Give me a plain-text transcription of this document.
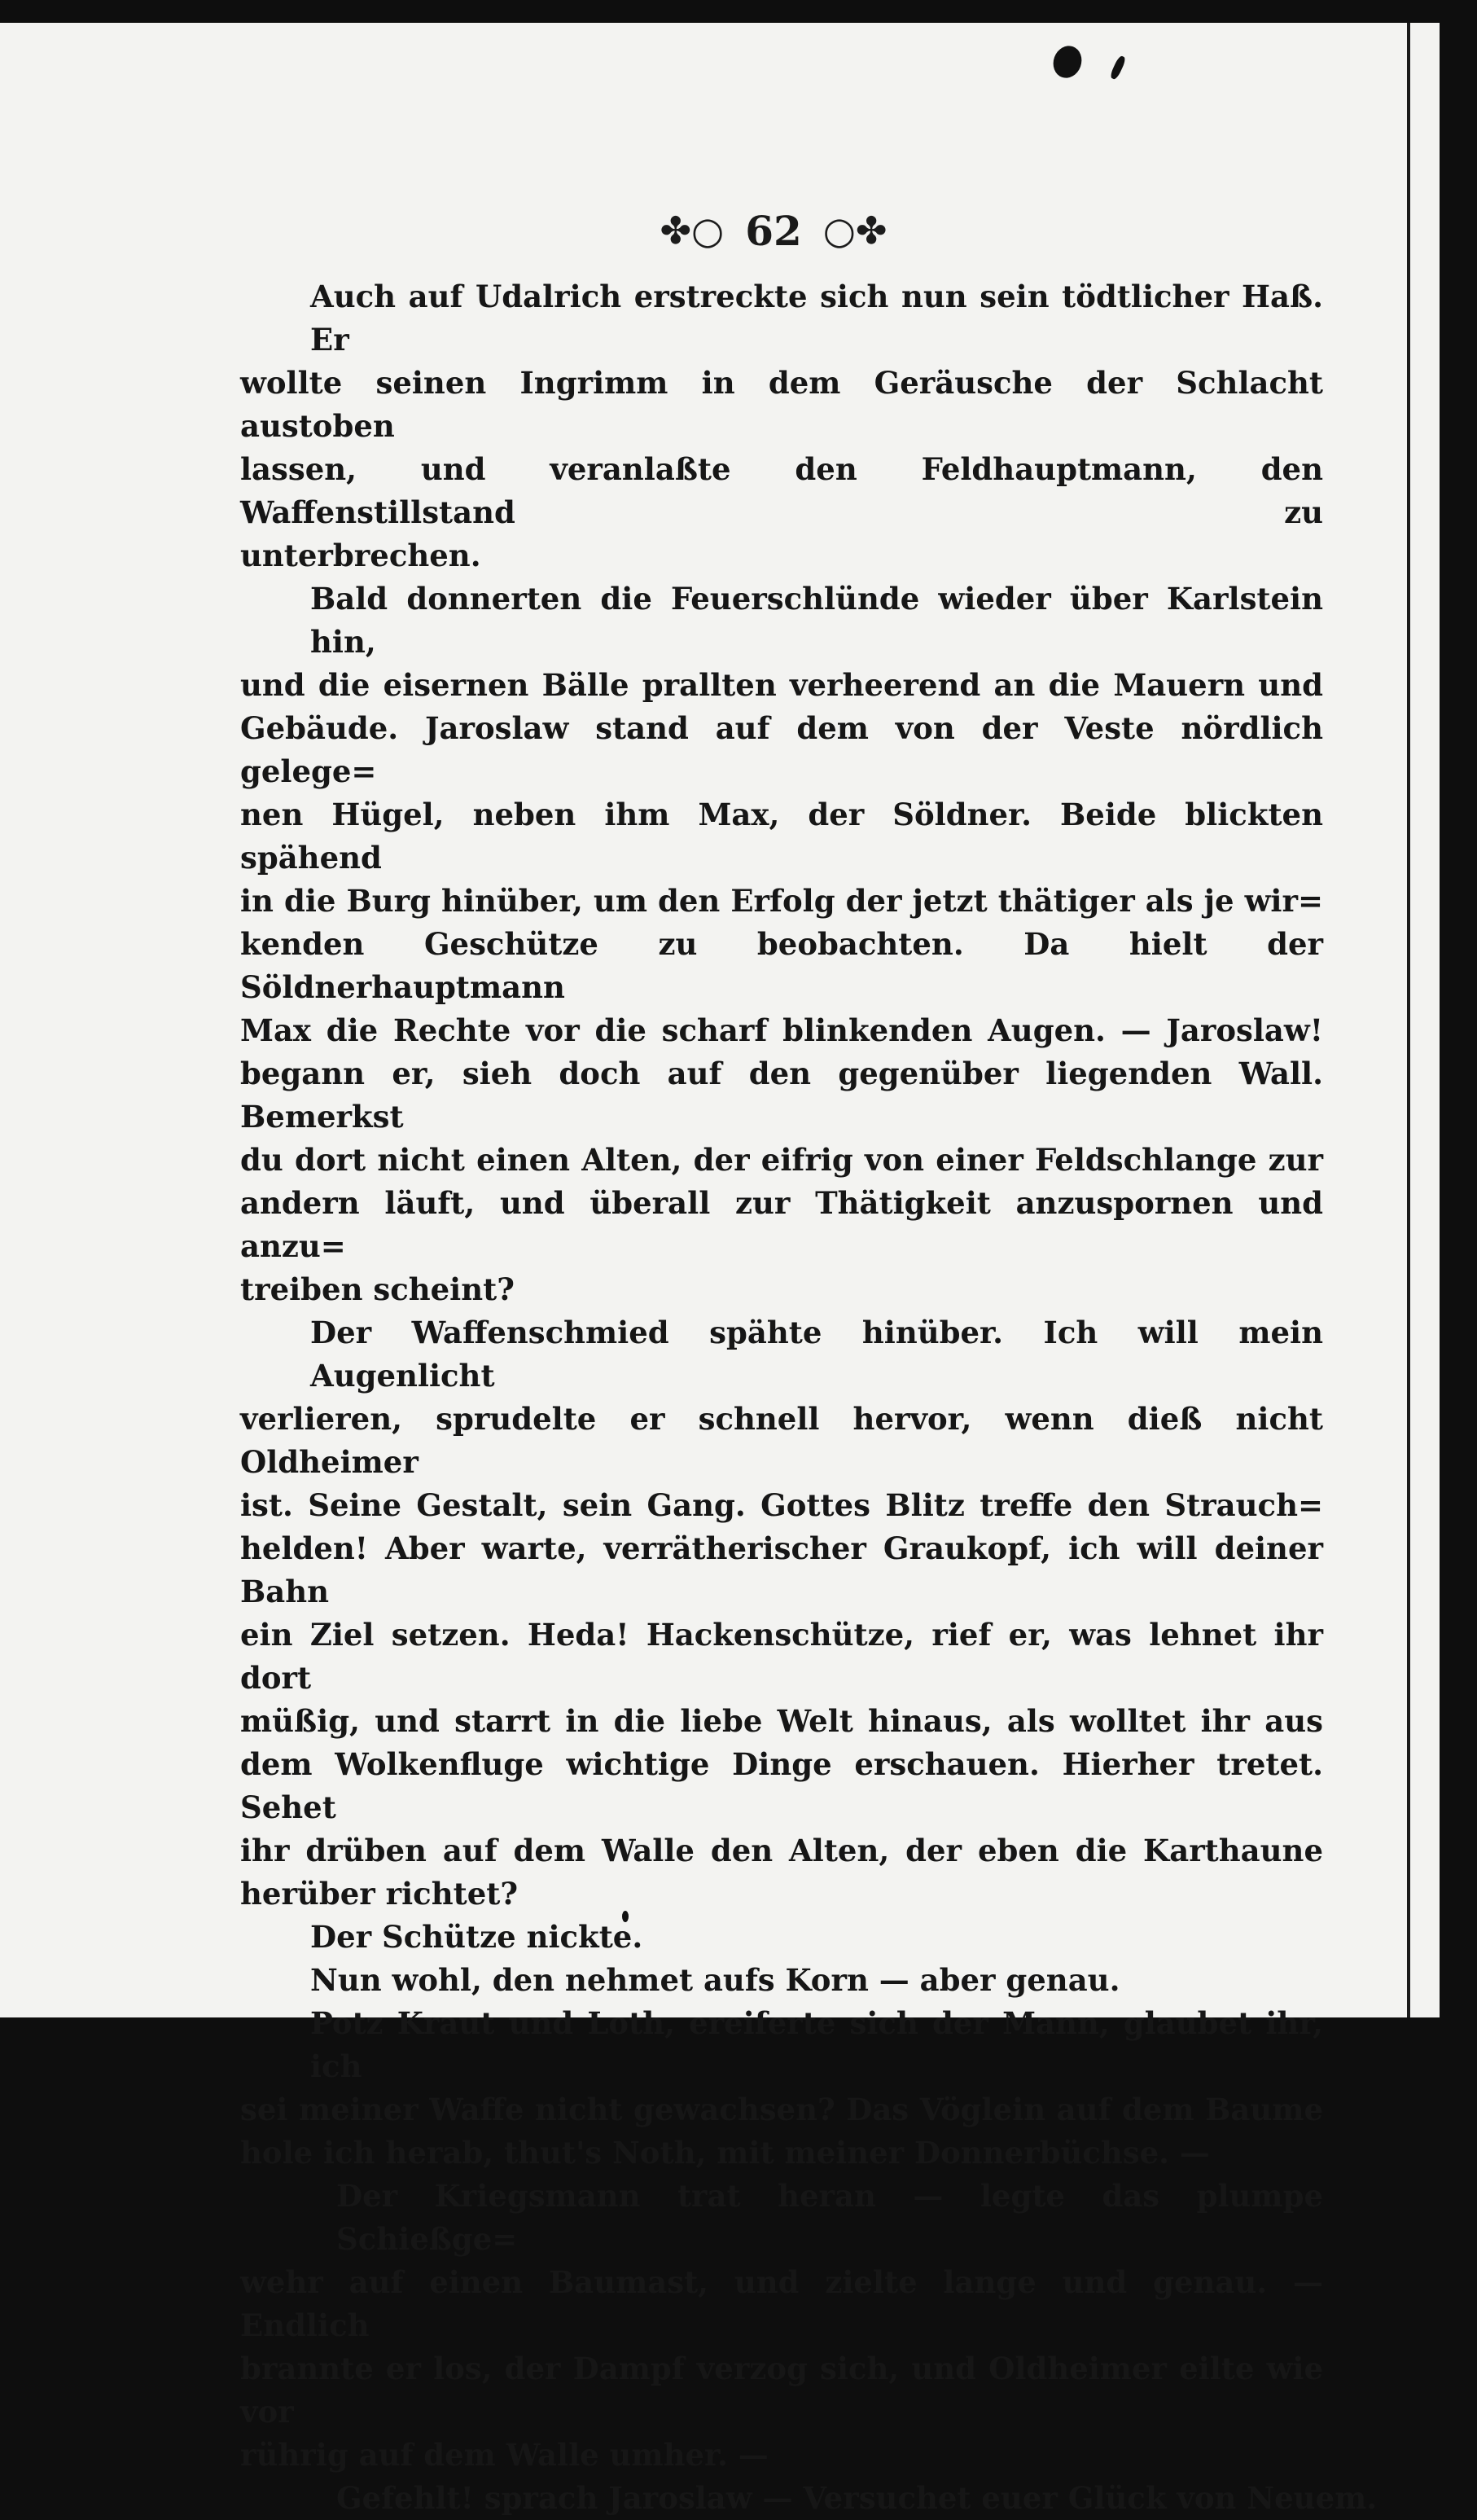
✤○ 62 ○✤

Auch auf Udalrich erstreckte sich nun sein tödtlicher Haß. Er
wollte seinen Ingrimm in dem Geräusche der Schlacht austoben
lassen, und veranlaßte den Feldhauptmann, den Waffenstillstand zu
unterbrechen.

Bald donnerten die Feuerschlünde wieder über Karlstein hin,
und die eisernen Bälle prallten verheerend an die Mauern und
Gebäude. Jaroslaw stand auf dem von der Veste nördlich gelege=
nen Hügel, neben ihm Max, der Söldner. Beide blickten spähend
in die Burg hinüber, um den Erfolg der jetzt thätiger als je wir=
kenden Geschütze zu beobachten. Da hielt der Söldnerhauptmann
Max die Rechte vor die scharf blinkenden Augen. — Jaroslaw!
begann er, sieh doch auf den gegenüber liegenden Wall. Bemerkst
du dort nicht einen Alten, der eifrig von einer Feldschlange zur
andern läuft, und überall zur Thätigkeit anzuspornen und anzu=
treiben scheint?

Der Waffenschmied spähte hinüber. Ich will mein Augenlicht
verlieren, sprudelte er schnell hervor, wenn dieß nicht Oldheimer
ist. Seine Gestalt, sein Gang. Gottes Blitz treffe den Strauch=
helden! Aber warte, verrätherischer Graukopf, ich will deiner Bahn
ein Ziel setzen. Heda! Hackenschütze, rief er, was lehnet ihr dort
müßig, und starrt in die liebe Welt hinaus, als wolltet ihr aus
dem Wolkenfluge wichtige Dinge erschauen. Hierher tretet. Sehet
ihr drüben auf dem Walle den Alten, der eben die Karthaune
herüber richtet?

Der Schütze nickte.

Nun wohl, den nehmet aufs Korn — aber genau.

Potz Kraut und Loth, ereiferte sich der Mann, glaubet ihr, ich
sei meiner Waffe nicht gewachsen? Das Vöglein auf dem Baume
hole ich herab, thut's Noth, mit meiner Donnerbüchse. —

Der Kriegsmann trat heran — legte das plumpe Schießge=
wehr auf einen Baumast, und zielte lange und genau. — Endlich
brannte er los, der Dampf verzog sich, und Oldheimer eilte wie vor
rührig auf dem Walle umher. —

Gefehlt! sprach Jaroslaw — Versuchet euer Glück von Neuem.
